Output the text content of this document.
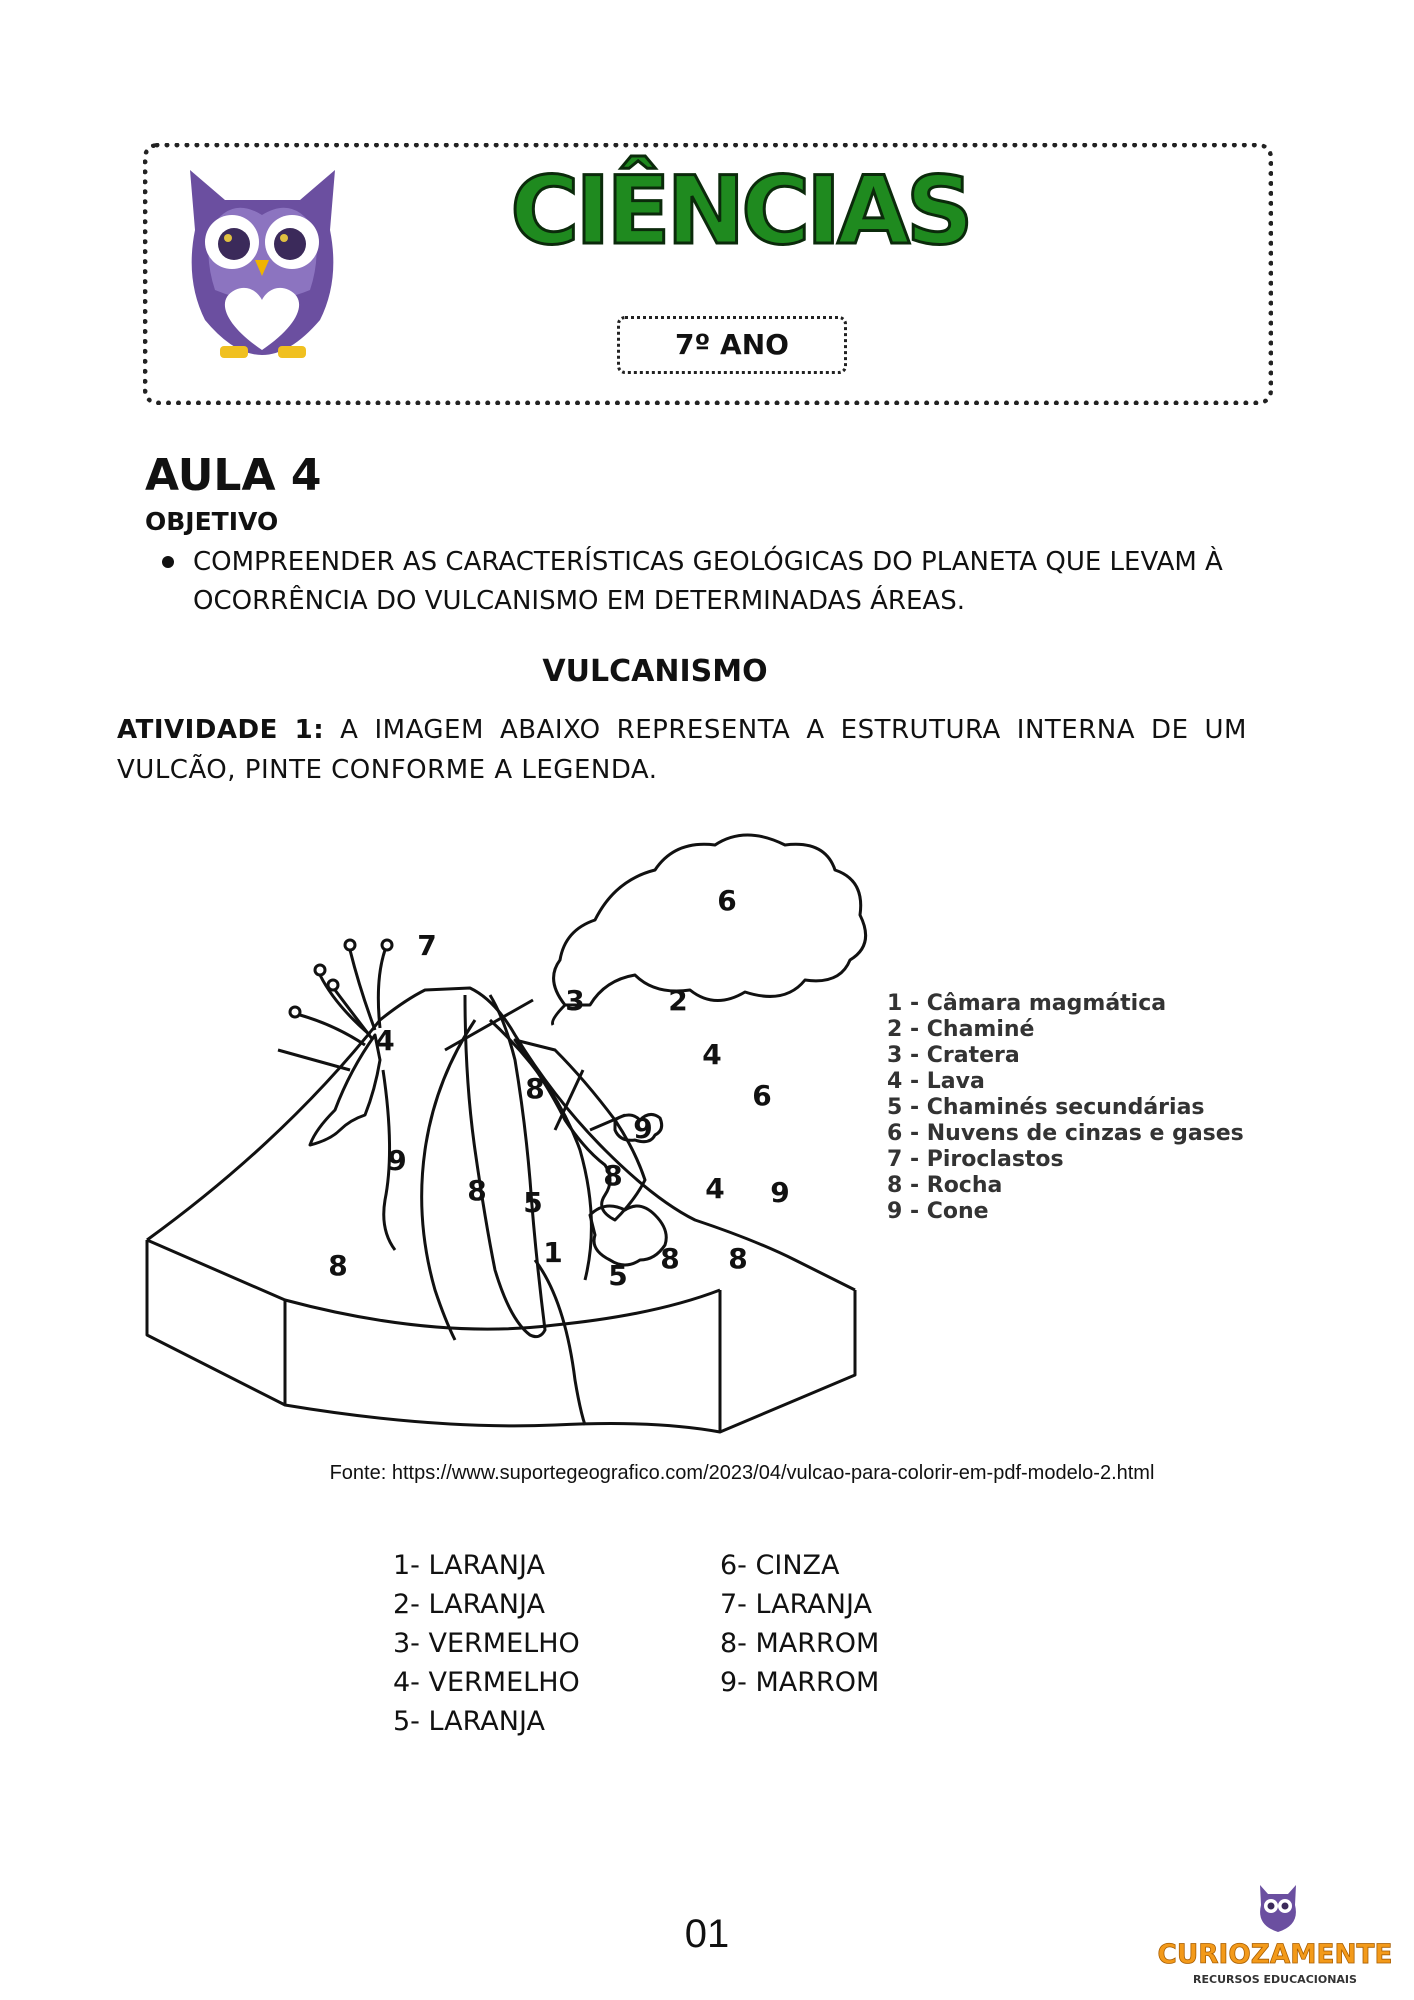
CIÊNCIAS
7º ANO
AULA 4
OBJETIVO
COMPREENDER AS CARACTERÍSTICAS GEOLÓGICAS DO PLANETA QUE LEVAM À OCORRÊNCIA DO VULCANISMO EM DETERMINADAS ÁREAS.
VULCANISMO
ATIVIDADE 1: A IMAGEM ABAIXO REPRESENTA A ESTRUTURA INTERNA DE UM VULCÃO, PINTE CONFORME A LEGENDA.
6
7
3	2
4	4
8	6
9
9	8
5
8	4 9
8	1
5
8 8
1 - Câmara magmática
2 - Chaminé
3 - Cratera
4 - Lava
5 - Chaminés secundárias
6 - Nuvens de cinzas e gases
7 - Piroclastos
8 - Rocha
9 - Cone
Fonte: https://www.suportegeografico.com/2023/04/vulcao-para-colorir-em-pdf-modelo-2.html
1- LARANJA
2- LARANJA
3- VERMELHO
4- VERMELHO
5- LARANJA
6- CINZA
7- LARANJA
8- MARROM
9- MARROM
01	CURIOZAMENTE
RECURSOS EDUCACIONAIS
